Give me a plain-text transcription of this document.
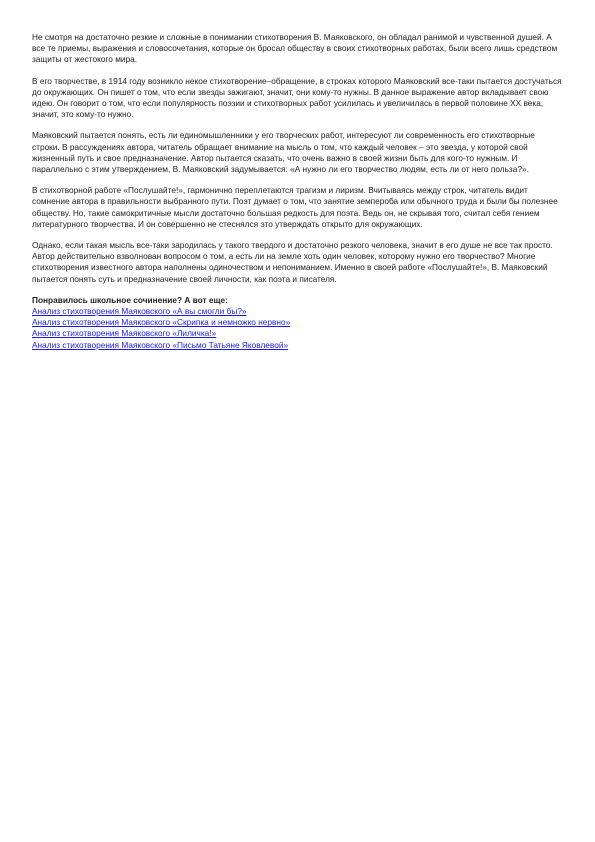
Не смотря на достаточно резкие и сложные в понимании стихотворения В. Маяковского, он обладал ранимой и чувственной душей. А все те приемы, выражения и словосочетания, которые он бросал обществу в своих стихотворных работах, были всего лишь средством защиты от жестокого мира.

В его творчестве, в 1914 году возникло некое стихотворение–обращение, в строках которого Маяковский все-таки пытается достучаться до окружающих. Он пишет о том, что если звезды зажигают, значит, они кому-то нужны. В данное выражение автор вкладывает свою идею. Он говорит о том, что если популярность поэзии и стихотворных работ усилилась и увеличилась в первой половине XX века, значит, это кому-то нужно.

Маяковский пытается понять, есть ли единомышленники у его творческих работ, интересуют ли современность его стихотворные строки. В рассуждениях автора, читатель обращает внимание на мысль о том, что каждый человек – это звезда, у которой свой жизненный путь и свое предназначение. Автор пытается сказать, что очень важно в своей жизни быть для кого-то нужным. И параллельно с этим утверждением, В. Маяковский задумывается: «А нужно ли его творчество людям, есть ли от него польза?».

В стихотворной работе «Послушайте!», гармонично переплетаются трагизм и лиризм. Вчитываясь между строк, читатель видит сомнение автора в правильности выбранного пути. Поэт думает о том, что занятие земпероба или обычного труда и были бы полезнее обществу. Но, такие самокритичные мысли достаточно большая редкость для поэта. Ведь он, не скрывая того, считал себя гением литературного творчества. И он совершенно не стеснялся это утверждать открыто для окружающих.

Однако, если такая мысль все-таки зародилась у такого твердого и достаточно резкого человека, значит в его душе не все так просто. Автор действительно взволнован вопросом о том, а есть ли на земле хоть один человек, которому нужно его творчество? Многие стихотворения известного автора наполнены одиночеством и непониманием. Именно в своей работе «Послушайте!», В. Маяковский пытается понять суть и предназначение своей личности, как поэта и писателя.

Понравилось школьное сочинение? А вот еще:

Анализ стихотворения Маяковского «А вы смогли бы?»
Анализ стихотворения Маяковского «Скрипка и немножко нервно»
Анализ стихотворения Маяковского «Лиличка!»
Анализ стихотворения Маяковского «Письмо Татьяне Яковлевой»
